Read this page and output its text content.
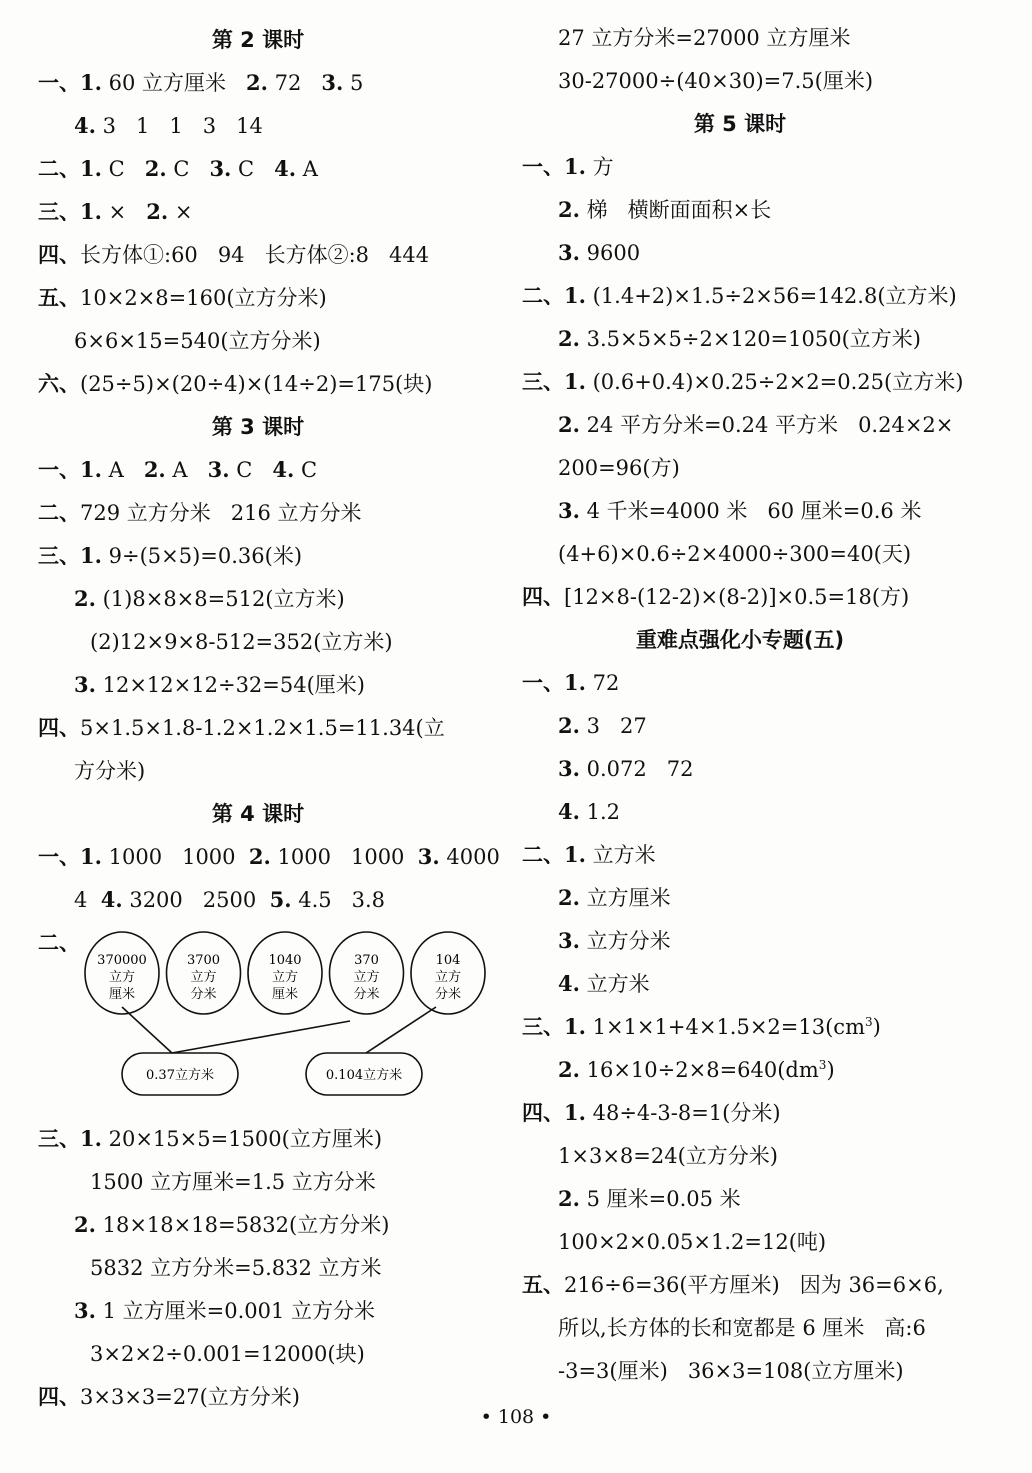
第 2 课时
一、1. 60 立方厘米   2. 72   3. 5
4. 3   1   1   3   14
二、1. C   2. C   3. C   4. A
三、1. ×   2. ×
四、长方体①:60   94   长方体②:8   444
五、10×2×8=160(立方分米)
6×6×15=540(立方分米)
六、(25÷5)×(20÷4)×(14÷2)=175(块)
第 3 课时
一、1. A   2. A   3. C   4. C
二、729 立方分米   216 立方分米
三、1. 9÷(5×5)=0.36(米)
2. (1)8×8×8=512(立方米)
(2)12×9×8-512=352(立方米)
3. 12×12×12÷32=54(厘米)
四、5×1.5×1.8-1.2×1.2×1.5=11.34(立
方分米)
第 4 课时
一、1. 1000   1000  2. 1000   1000  3. 4000
4  4. 3200   2500  5. 4.5   3.8
二、
三、1. 20×15×5=1500(立方厘米)
1500 立方厘米=1.5 立方分米
2. 18×18×18=5832(立方分米)
5832 立方分米=5.832 立方米
3. 1 立方厘米=0.001 立方分米
3×2×2÷0.001=12000(块)
四、3×3×3=27(立方分米)
27 立方分米=27000 立方厘米
30-27000÷(40×30)=7.5(厘米)
第 5 课时
一、1. 方
2. 梯   横断面面积×长
3. 9600
二、1. (1.4+2)×1.5÷2×56=142.8(立方米)
2. 3.5×5×5÷2×120=1050(立方米)
三、1. (0.6+0.4)×0.25÷2×2=0.25(立方米)
2. 24 平方分米=0.24 平方米   0.24×2×
200=96(方)
3. 4 千米=4000 米   60 厘米=0.6 米
(4+6)×0.6÷2×4000÷300=40(天)
四、[12×8-(12-2)×(8-2)]×0.5=18(方)
重难点强化小专题(五)
一、1. 72
2. 3   27
3. 0.072   72
4. 1.2
二、1. 立方米
2. 立方厘米
3. 立方分米
4. 立方米
三、1. $1\times 1\times 1+4\times 1.5\times 2=13(cm^3)$
2. $16\times 10\div 2\times 8=640(dm^3)$
四、1. 48÷4-3-8=1(分米)
1×3×8=24(立方分米)
2. 5 厘米=0.05 米
100×2×0.05×1.2=12(吨)
五、216÷6=36(平方厘米)   因为 36=6×6,
所以,长方体的长和宽都是 6 厘米   高:6
-3=3(厘米)   36×3=108(立方厘米)
370000
立方
厘米
3700
立方
分米
1040
立方
厘米
370
立方
分米
104
立方
分米
0.37立方米	0.104立方米
• 108 •
